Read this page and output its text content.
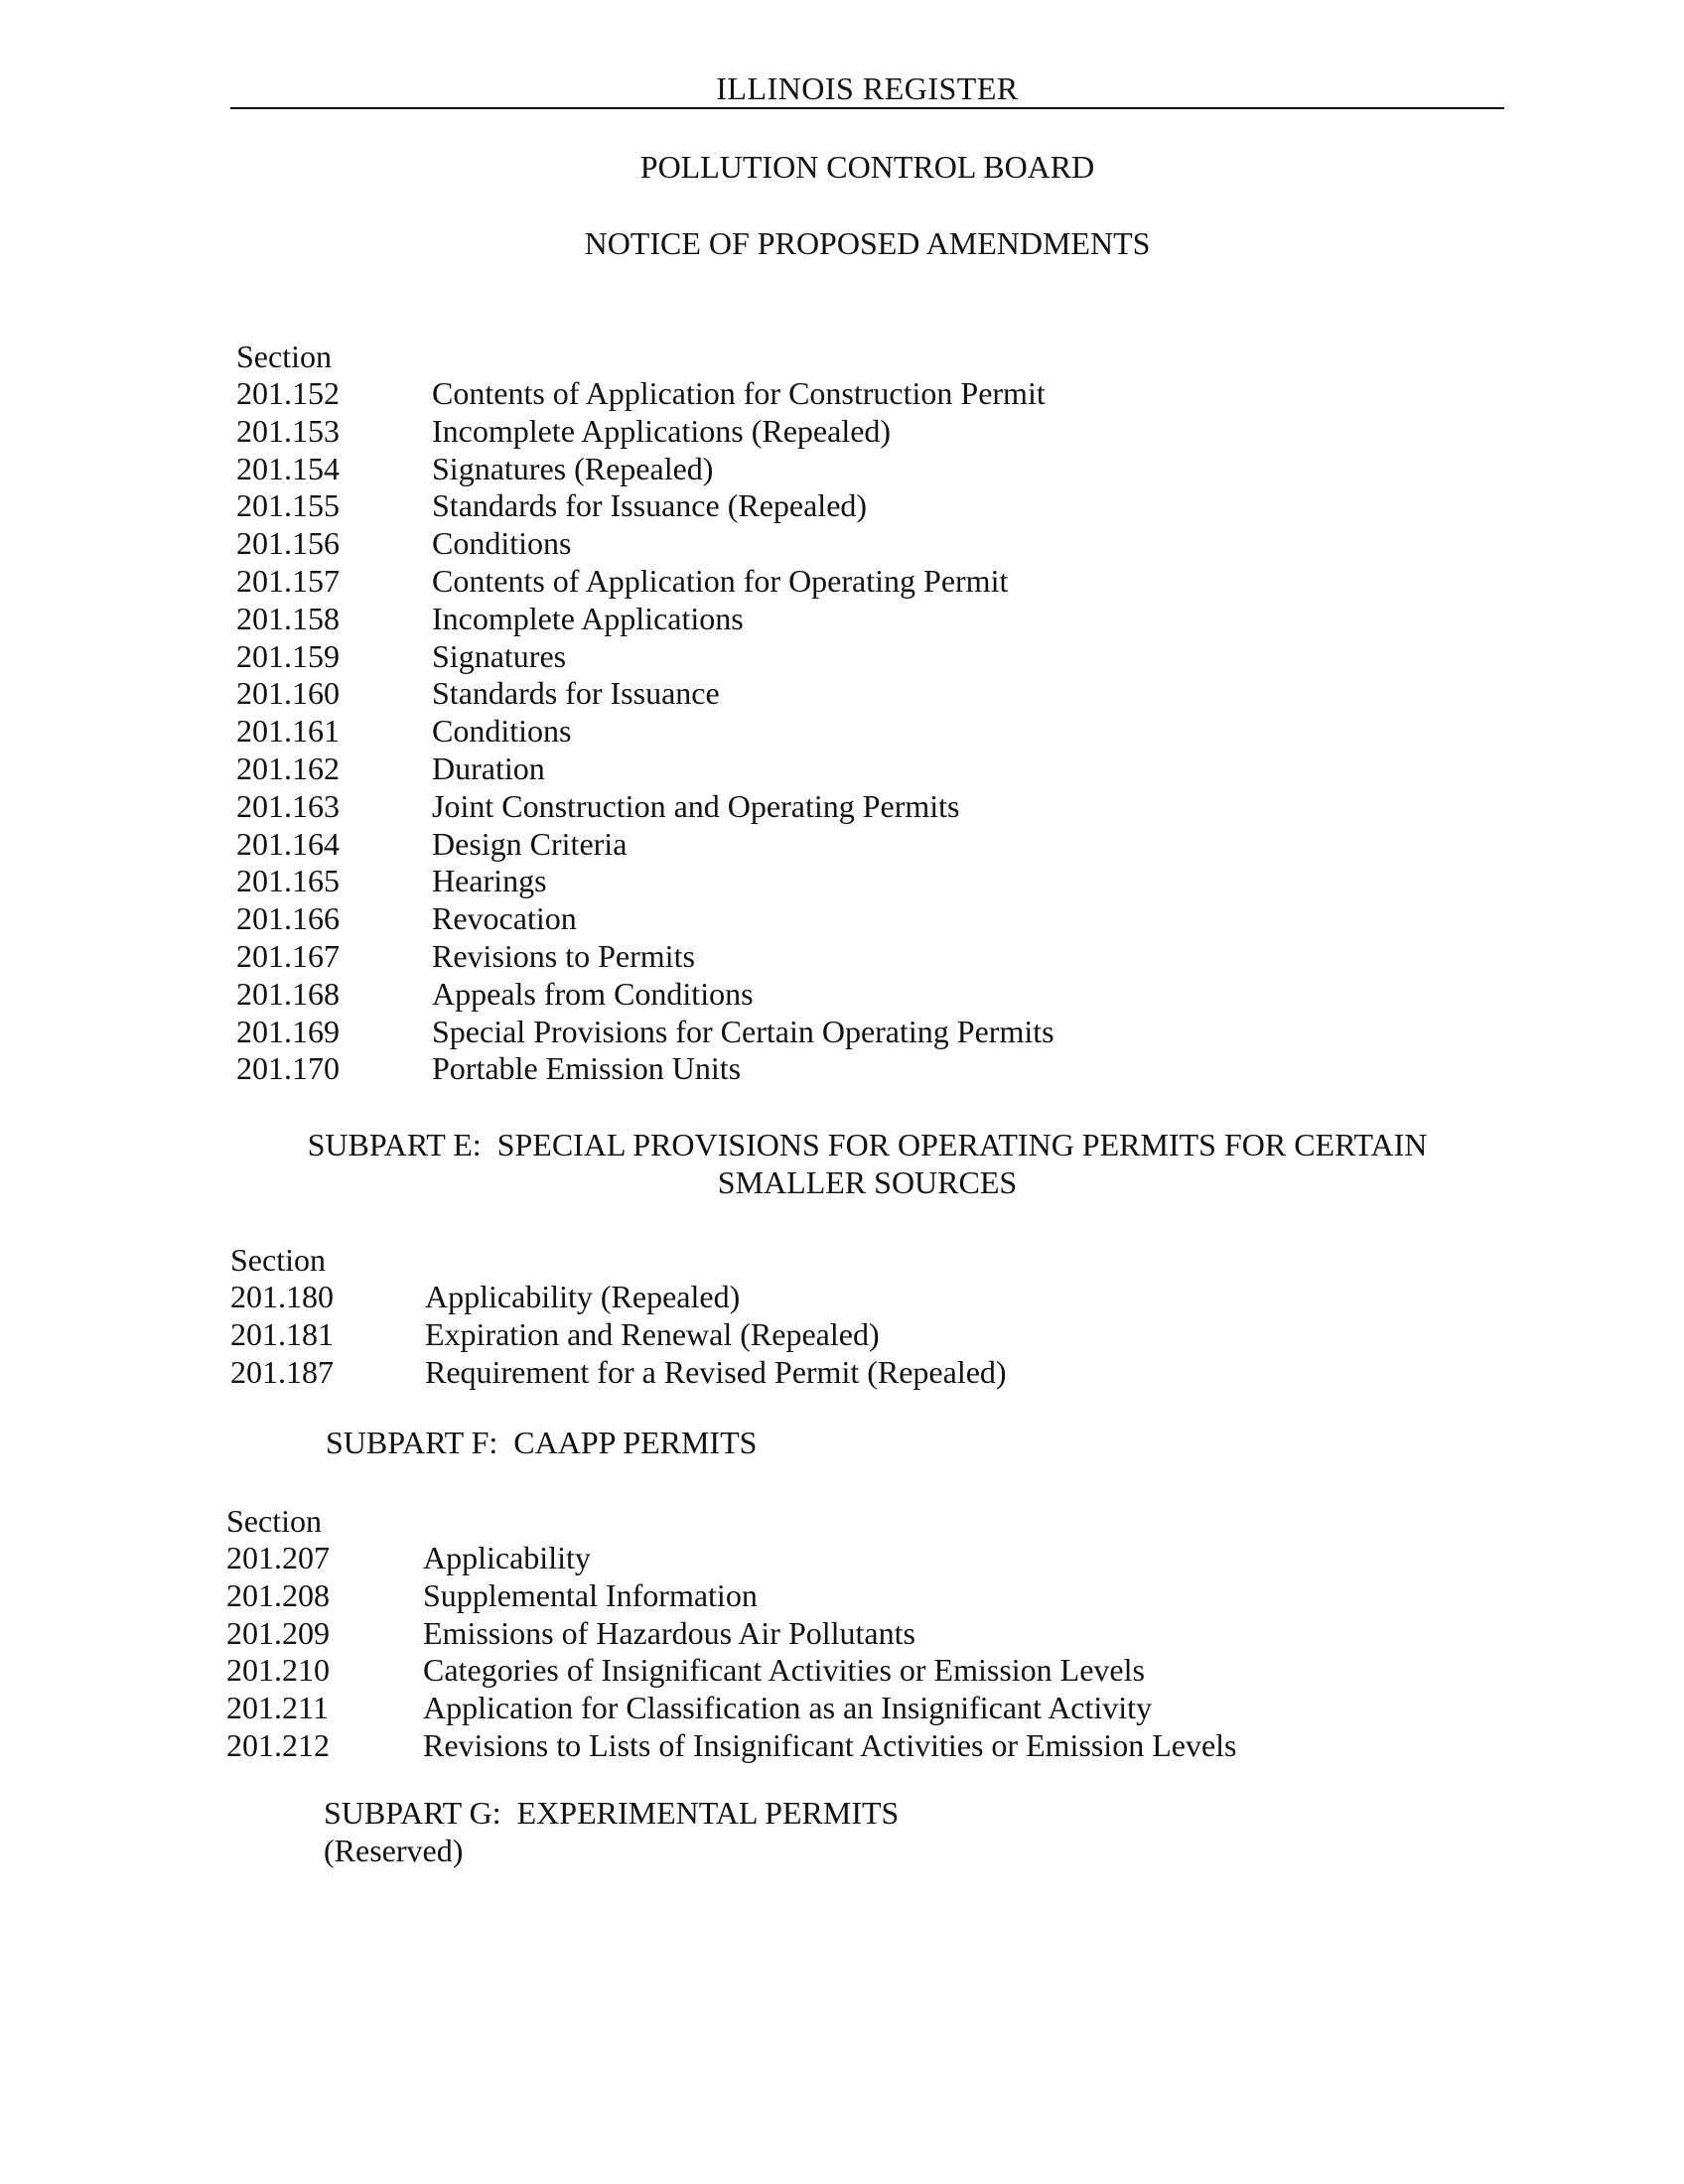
ILLINOIS REGISTER
POLLUTION CONTROL BOARD
NOTICE OF PROPOSED AMENDMENTS
Section
201.152	Contents of Application for Construction Permit
201.153	Incomplete Applications (Repealed)
201.154	Signatures (Repealed)
201.155	Standards for Issuance (Repealed)
201.156	Conditions
201.157	Contents of Application for Operating Permit
201.158	Incomplete Applications
201.159	Signatures
201.160	Standards for Issuance
201.161	Conditions
201.162	Duration
201.163	Joint Construction and Operating Permits
201.164	Design Criteria
201.165	Hearings
201.166	Revocation
201.167	Revisions to Permits
201.168	Appeals from Conditions
201.169	Special Provisions for Certain Operating Permits
201.170	Portable Emission Units
SUBPART E:  SPECIAL PROVISIONS FOR OPERATING PERMITS FOR CERTAIN
SMALLER SOURCES
Section
201.180	Applicability (Repealed)
201.181	Expiration and Renewal (Repealed)
201.187	Requirement for a Revised Permit (Repealed)
SUBPART F:  CAAPP PERMITS
Section
201.207	Applicability
201.208	Supplemental Information
201.209	Emissions of Hazardous Air Pollutants
201.210	Categories of Insignificant Activities or Emission Levels
201.211	Application for Classification as an Insignificant Activity
201.212	Revisions to Lists of Insignificant Activities or Emission Levels
SUBPART G:  EXPERIMENTAL PERMITS
(Reserved)
